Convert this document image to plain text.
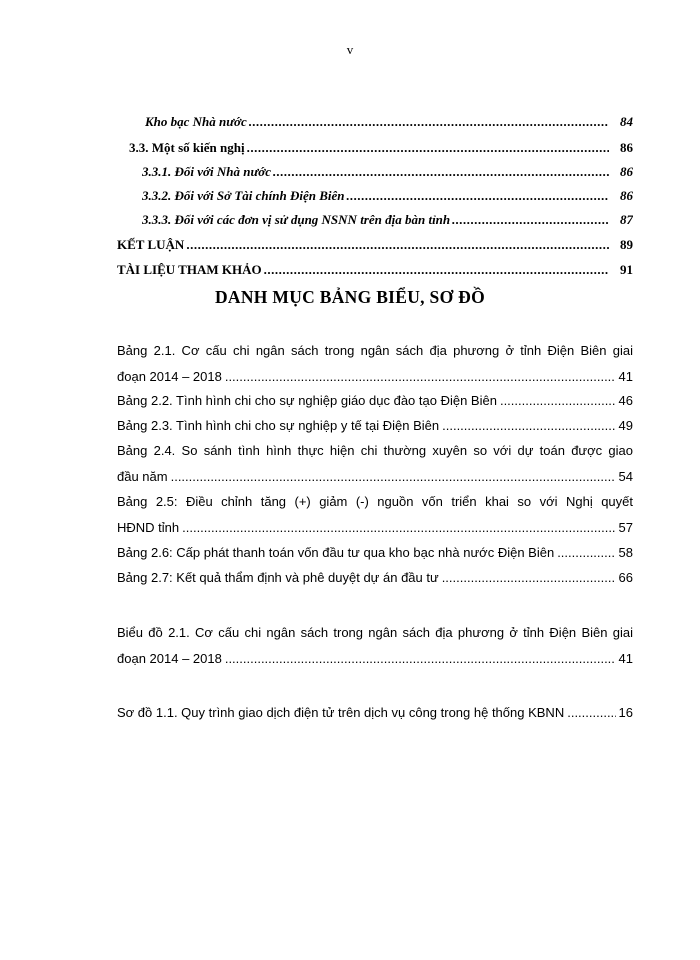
v
Kho bạc Nhà nước .....	84
3.3. Một số kiến nghị .....	86
3.3.1. Đối với Nhà nước .....	86
3.3.2. Đối với Sở Tài chính Điện Biên .....	86
3.3.3. Đối với các đơn vị sử dụng NSNN trên địa bàn tỉnh .....	87
KẾT LUẬN .....	89
TÀI LIỆU THAM KHẢO .....	91
DANH MỤC BẢNG BIỂU, SƠ ĐỒ
Bảng 2.1. Cơ cấu chi ngân sách trong ngân sách địa phương ở tỉnh Điện Biên giai
đoạn 2014 – 2018 .....	41
Bảng 2.2. Tình hình chi cho sự nghiệp giáo dục đào tạo Điện Biên .....	46
Bảng 2.3. Tình hình chi cho sự nghiệp y tế tại Điện Biên .....	49
Bảng 2.4. So sánh tình hình thực hiện chi thường xuyên so với dự toán được giao
đầu năm .....	54
Bảng 2.5: Điều chỉnh tăng (+) giảm (-) nguồn vốn triển khai so với Nghị quyết
HĐND tỉnh .....	57
Bảng 2.6: Cấp phát thanh toán vốn đầu tư qua kho bạc nhà nước Điện Biên .....	58
Bảng 2.7: Kết quả thẩm định và phê duyệt dự án đầu tư .....	66
Biểu đồ 2.1. Cơ cấu chi ngân sách trong ngân sách địa phương ở tỉnh Điện Biên giai
đoạn 2014 – 2018 .....	41
Sơ đồ 1.1. Quy trình giao dịch điện tử trên dịch vụ công trong hệ thống KBNN .....	16
